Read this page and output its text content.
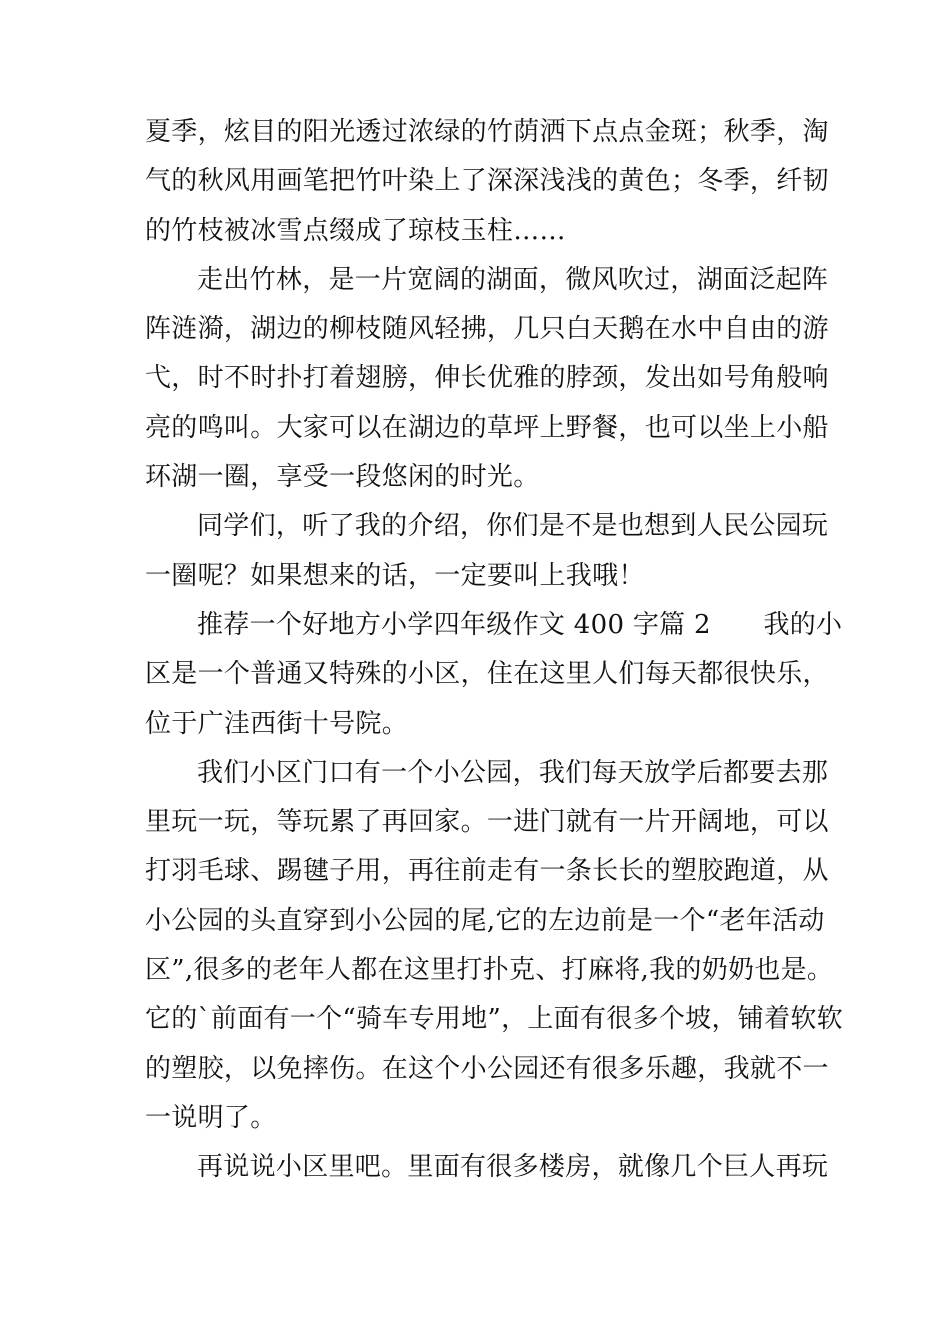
夏季，炫目的阳光透过浓绿的竹荫洒下点点金斑；秋季，淘
气的秋风用画笔把竹叶染上了深深浅浅的黄色；冬季，纤韧
的竹枝被冰雪点缀成了琼枝玉柱……
走出竹林，是一片宽阔的湖面，微风吹过，湖面泛起阵
阵涟漪，湖边的柳枝随风轻拂，几只白天鹅在水中自由的游
弋，时不时扑打着翅膀，伸长优雅的脖颈，发出如号角般响
亮的鸣叫。大家可以在湖边的草坪上野餐，也可以坐上小船
环湖一圈，享受一段悠闲的时光。
同学们，听了我的介绍，你们是不是也想到人民公园玩
一圈呢？如果想来的话，一定要叫上我哦！
推荐一个好地方小学四年级作文 400 字篇 2　　我的小
区是一个普通又特殊的小区，住在这里人们每天都很快乐，
位于广洼西街十号院。
我们小区门口有一个小公园，我们每天放学后都要去那
里玩一玩，等玩累了再回家。一进门就有一片开阔地，可以
打羽毛球、踢毽子用，再往前走有一条长长的塑胶跑道，从
小公园的头直穿到小公园的尾,它的左边前是一个“老年活动
区”,很多的老年人都在这里打扑克、打麻将,我的奶奶也是。
它的`前面有一个“骑车专用地”，上面有很多个坡，铺着软软
的塑胶，以免摔伤。在这个小公园还有很多乐趣，我就不一
一说明了。
再说说小区里吧。里面有很多楼房，就像几个巨人再玩
